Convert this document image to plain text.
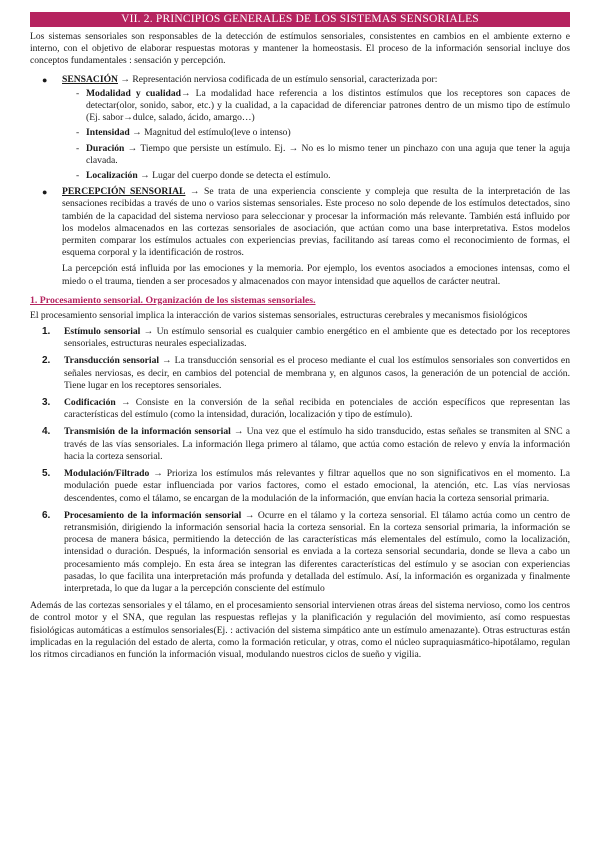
VII. 2. PRINCIPIOS GENERALES DE LOS SISTEMAS SENSORIALES

Los sistemas sensoriales son responsables de la detección de estímulos sensoriales, consistentes en cambios en el ambiente externo e interno, con el objetivo de elaborar respuestas motoras y mantener la homeostasis. El proceso de la información sensorial incluye dos conceptos fundamentales : sensación y percepción.

● SENSACIÓN → Representación nerviosa codificada de un estímulo sensorial, caracterizada por:
- Modalidad y cualidad→ La modalidad hace referencia a los distintos estímulos que los receptores son capaces de detectar(olor, sonido, sabor, etc.) y la cualidad, a la capacidad de diferenciar patrones dentro de un mismo tipo de estímulo (Ej. sabor→dulce, salado, ácido, amargo…)
- Intensidad → Magnitud del estímulo(leve o intenso)
- Duración → Tiempo que persiste un estímulo. Ej. → No es lo mismo tener un pinchazo con una aguja que tener la aguja clavada.
- Localización → Lugar del cuerpo donde se detecta el estímulo.
● PERCEPCIÓN SENSORIAL → Se trata de una experiencia consciente y compleja que resulta de la interpretación de las sensaciones recibidas a través de uno o varios sistemas sensoriales. Este proceso no solo depende de los estímulos detectados, sino también de la capacidad del sistema nervioso para seleccionar y procesar la información más relevante. También está influido por los modelos almacenados en las cortezas sensoriales de asociación, que actúan como una base interpretativa. Estos modelos permiten comparar los estímulos actuales con experiencias previas, facilitando así tareas como el reconocimiento de formas, el esquema corporal y la identificación de rostros.

La percepción está influida por las emociones y la memoria. Por ejemplo, los eventos asociados a emociones intensas, como el miedo o el trauma, tienden a ser procesados y almacenados con mayor intensidad que aquellos de carácter neutral.

1. Procesamiento sensorial. Organización de los sistemas sensoriales.

El procesamiento sensorial implica la interacción de varios sistemas sensoriales, estructuras cerebrales y mecanismos fisiológicos

1. Estímulo sensorial → Un estímulo sensorial es cualquier cambio energético en el ambiente que es detectado por los receptores sensoriales, estructuras neurales especializadas.
2. Transducción sensorial → La transducción sensorial es el proceso mediante el cual los estímulos sensoriales son convertidos en señales nerviosas, es decir, en cambios del potencial de membrana y, en algunos casos, la generación de un potencial de acción. Tiene lugar en los receptores sensoriales.
3. Codificación → Consiste en la conversión de la señal recibida en potenciales de acción específicos que representan las características del estímulo (como la intensidad, duración, localización y tipo de estímulo).
4. Transmisión de la información sensorial → Una vez que el estímulo ha sido transducido, estas señales se transmiten al SNC a través de las vías sensoriales. La información llega primero al tálamo, que actúa como estación de relevo y envía la información hacia la corteza sensorial.
5. Modulación/Filtrado → Prioriza los estímulos más relevantes y filtrar aquellos que no son significativos en el momento. La modulación puede estar influenciada por varios factores, como el estado emocional, la atención, etc. Las vías nerviosas descendentes, como el tálamo, se encargan de la modulación de la información, que envían hacia la corteza sensorial primaria.
6. Procesamiento de la información sensorial → Ocurre en el tálamo y la corteza sensorial. El tálamo actúa como un centro de retransmisión, dirigiendo la información sensorial hacia la corteza sensorial. En la corteza sensorial primaria, la información se procesa de manera básica, permitiendo la detección de las características más elementales del estímulo, como la localización, intensidad o duración. Después, la información sensorial es enviada a la corteza sensorial secundaria, donde se lleva a cabo un procesamiento más complejo. En esta área se integran las diferentes características del estímulo y se asocian con experiencias pasadas, lo que facilita una interpretación más profunda y detallada del estímulo. Así, la información es organizada y finalmente interpretada, lo que da lugar a la percepción consciente del estímulo

Además de las cortezas sensoriales y el tálamo, en el procesamiento sensorial intervienen otras áreas del sistema nervioso, como los centros de control motor y el SNA, que regulan las respuestas reflejas y la planificación y regulación del movimiento, así como respuestas fisiológicas automáticas a estímulos sensoriales(Ej. : activación del sistema simpático ante un estímulo amenazante). Otras estructuras están implicadas en la regulación del estado de alerta, como la formación reticular, y otras, como el núcleo supraquiasmático-hipotálamo, regulan los ritmos circadianos en función la información visual, modulando nuestros ciclos de sueño y vigilia.
